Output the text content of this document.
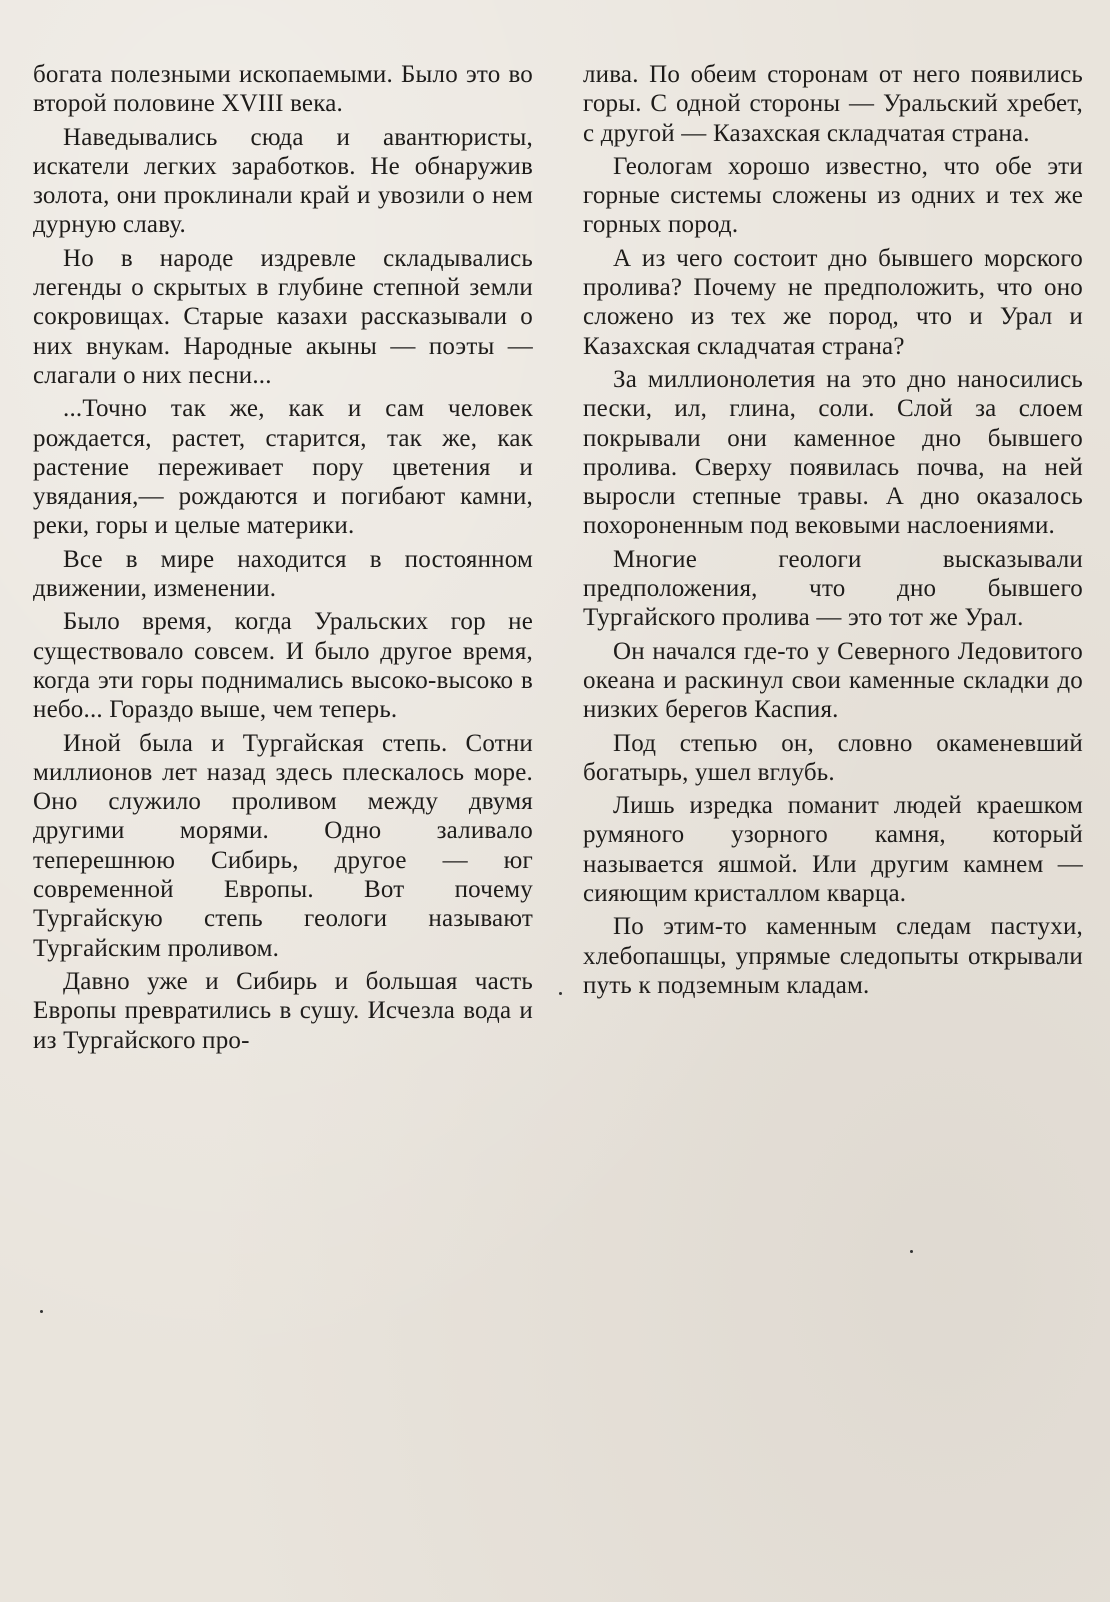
богата полезными ископаемыми. Было это во второй половине XVIII века.

Наведывались сюда и авантюристы, искатели легких заработков. Не обнаружив золота, они проклинали край и увозили о нем дурную славу.

Но в народе издревле складывались легенды о скрытых в глубине степной земли сокровищах. Старые казахи рассказывали о них внукам. Народные акыны — поэты — слагали о них песни...

...Точно так же, как и сам человек рождается, растет, старится, так же, как растение переживает пору цветения и увядания,— рождаются и погибают камни, реки, горы и целые материки.

Все в мире находится в постоянном движении, изменении.

Было время, когда Уральских гор не существовало совсем. И было другое время, когда эти горы поднимались высоко-высоко в небо... Гораздо выше, чем теперь.

Иной была и Тургайская степь. Сотни миллионов лет назад здесь плескалось море. Оно служило проливом между двумя другими морями. Одно заливало теперешнюю Сибирь, другое — юг современной Европы. Вот почему Тургайскую степь геологи называют Тургайским проливом.

Давно уже и Сибирь и большая часть Европы превратились в сушу. Исчезла вода и из Тургайского про-

лива. По обеим сторонам от него появились горы. С одной стороны — Уральский хребет, с другой — Казахская складчатая страна.

Геологам хорошо известно, что обе эти горные системы сложены из одних и тех же горных пород.

А из чего состоит дно бывшего морского пролива? Почему не предположить, что оно сложено из тех же пород, что и Урал и Казахская складчатая страна?

За миллионолетия на это дно наносились пески, ил, глина, соли. Слой за слоем покрывали они каменное дно бывшего пролива. Сверху появилась почва, на ней выросли степные травы. А дно оказалось похороненным под вековыми наслоениями.

Многие геологи высказывали предположения, что дно бывшего Тургайского пролива — это тот же Урал.

Он начался где-то у Северного Ледовитого океана и раскинул свои каменные складки до низких берегов Каспия.

Под степью он, словно окаменевший богатырь, ушел вглубь.

Лишь изредка поманит людей краешком румяного узорного камня, который называется яшмой. Или другим камнем — сияющим кристаллом кварца.

По этим-то каменным следам пастухи, хлебопашцы, упрямые следопыты открывали путь к подземным кладам.
